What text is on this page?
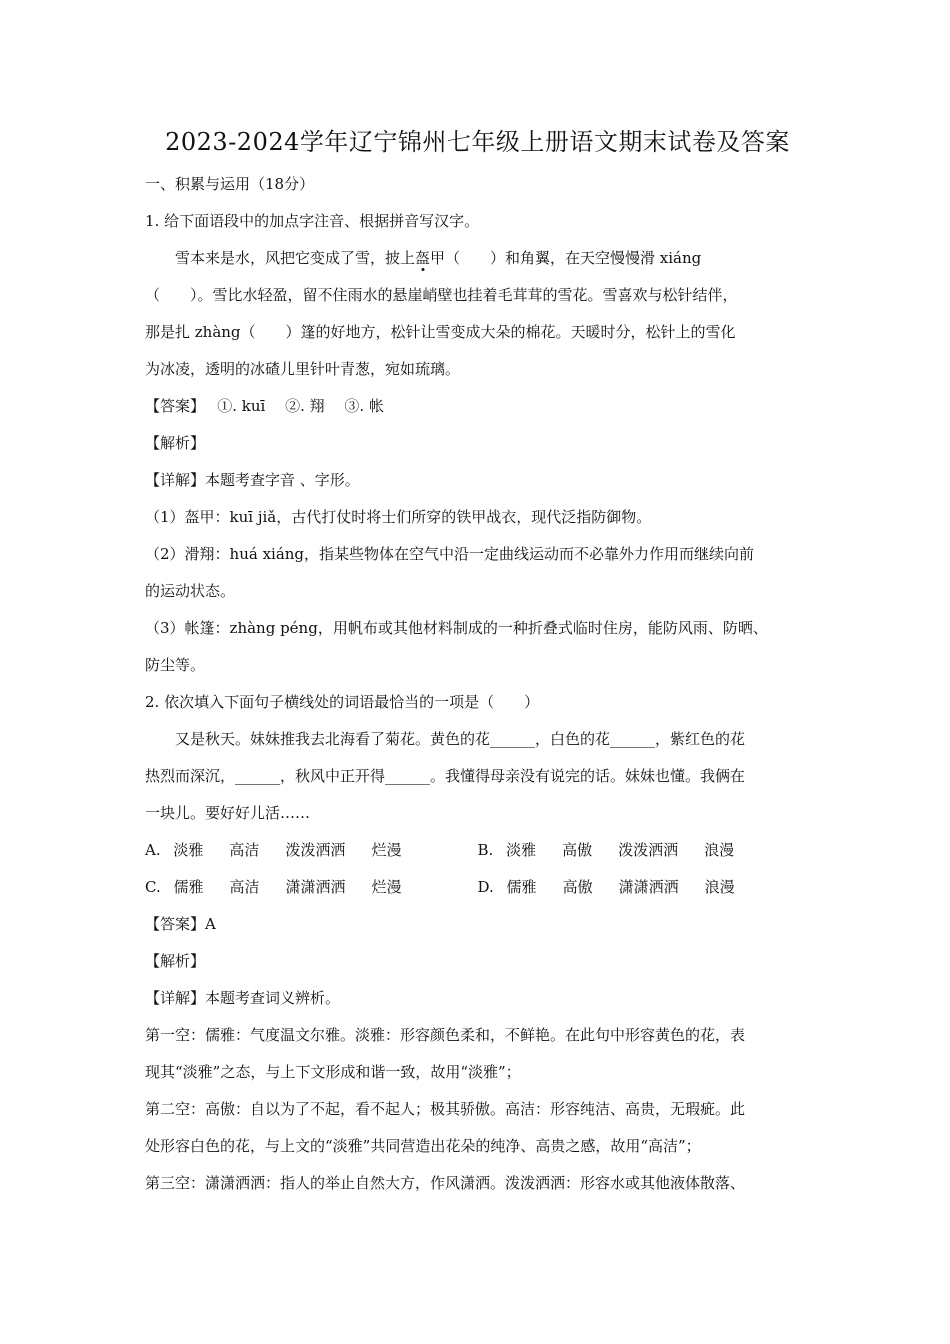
2023-2024学年辽宁锦州七年级上册语文期末试卷及答案

一、积累与运用（18分）

1. 给下面语段中的加点字注音、根据拼音写汉字。

雪本来是水，风把它变成了雪，披上盔甲（　　）和角翼，在天空慢慢滑 xiáng

（　　）。雪比水轻盈，留不住雨水的悬崖峭壁也挂着毛茸茸的雪花。雪喜欢与松针结伴，

那是扎 zhàng（　　）篷的好地方，松针让雪变成大朵的棉花。天暖时分，松针上的雪化

为冰凌，透明的冰碴儿里针叶青葱，宛如琉璃。

【答案】　 ①. kuī　 ②. 翔　 ③. 帐

【解析】

【详解】本题考查字音 、字形。

（1）盔甲：kuī jiǎ，古代打仗时将士们所穿的铁甲战衣，现代泛指防御物。

（2）滑翔：huá xiáng，指某些物体在空气中沿一定曲线运动而不必靠外力作用而继续向前

的运动状态。

（3）帐篷：zhàng péng，用帆布或其他材料制成的一种折叠式临时住房，能防风雨、防晒、

防尘等。

2. 依次填入下面句子横线处的词语最恰当的一项是（　　）

又是秋天。妹妹推我去北海看了菊花。黄色的花______，白色的花______，紫红色的花

热烈而深沉，______，秋风中正开得______。我懂得母亲没有说完的话。妹妹也懂。我俩在

一块儿。要好好儿活……

A. 淡雅 高洁 泼泼洒洒 烂漫	B. 淡雅 高傲 泼泼洒洒 浪漫
C. 儒雅 高洁 潇潇洒洒 烂漫	D. 儒雅 高傲 潇潇洒洒 浪漫

【答案】A

【解析】

【详解】本题考查词义辨析。

第一空：儒雅：气度温文尔雅。淡雅：形容颜色柔和，不鲜艳。在此句中形容黄色的花，表

现其“淡雅”之态，与上下文形成和谐一致，故用“淡雅”；

第二空：高傲：自以为了不起，看不起人；极其骄傲。高洁：形容纯洁、高贵，无瑕疵。此

处形容白色的花，与上文的“淡雅”共同营造出花朵的纯净、高贵之感，故用“高洁”；

第三空：潇潇洒洒：指人的举止自然大方，作风潇洒。泼泼洒洒：形容水或其他液体散落、
